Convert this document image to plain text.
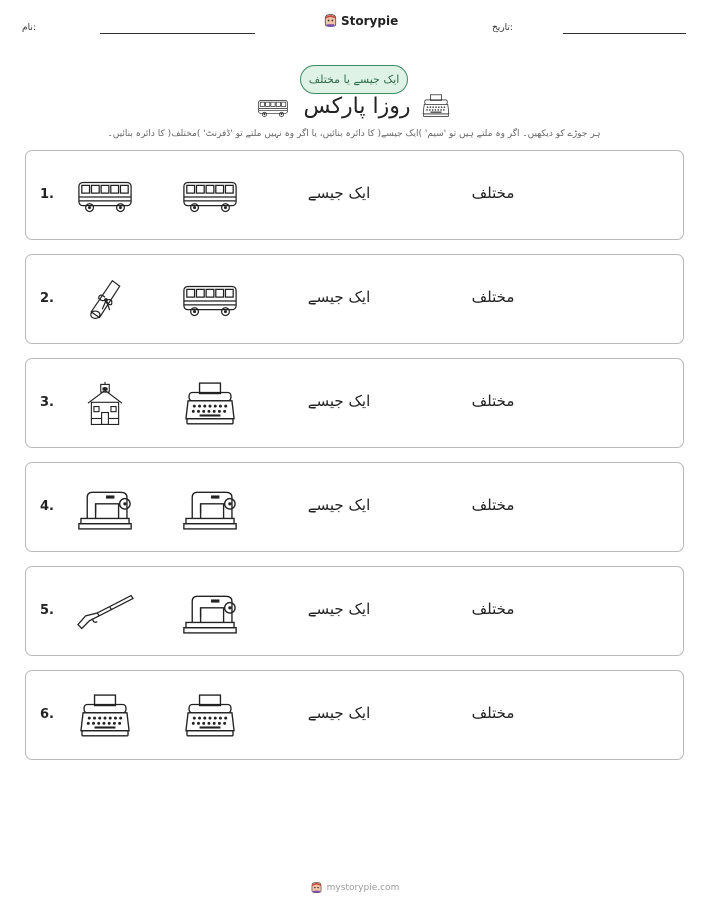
نام:
Storypie
تاریخ:
ایک جیسے یا مختلف
روزا پارکس
ہر جوڑے کو دیکھیں۔ اگر وہ ملتے ہیں تو 'سیم' )ایک جیسے( کا دائرہ بنائیں، یا اگر وہ نہیں ملتے تو 'ڈفرنٹ' )مختلف( کا دائرہ بنائیں۔
1.	ایک جیسے	مختلف
2.	ایک جیسے	مختلف
3.	ایک جیسے	مختلف
4.	ایک جیسے	مختلف
5.	ایک جیسے	مختلف
6.	ایک جیسے	مختلف
mystorypie.com
